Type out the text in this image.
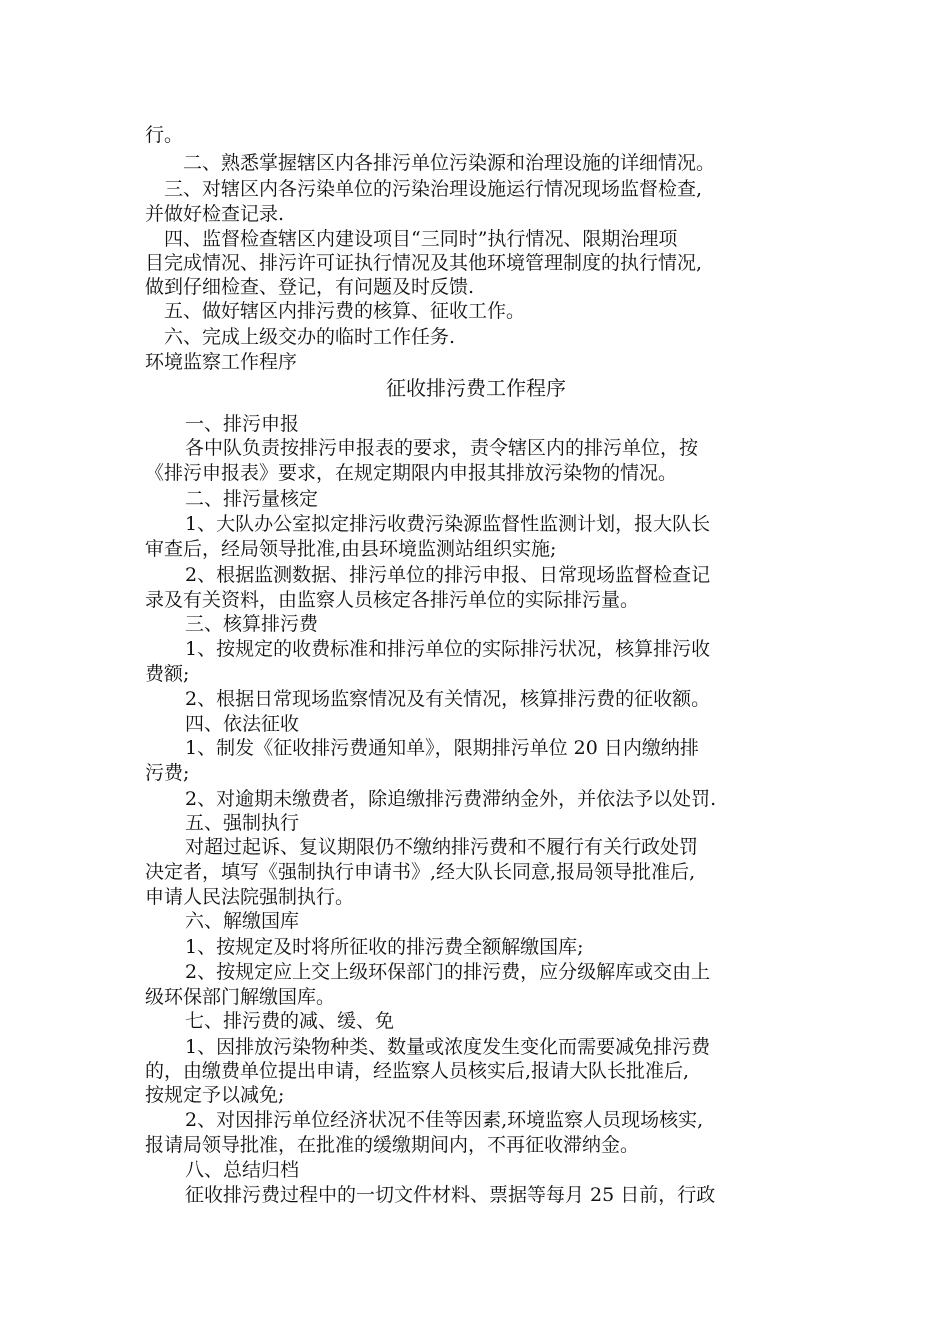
行。
二、熟悉掌握辖区内各排污单位污染源和治理设施的详细情况。
三、对辖区内各污染单位的污染治理设施运行情况现场监督检查,
并做好检查记录.
四、监督检查辖区内建设项目“三同时”执行情况、限期治理项
目完成情况、排污许可证执行情况及其他环境管理制度的执行情况,
做到仔细检查、登记，有问题及时反馈.
五、做好辖区内排污费的核算、征收工作。
六、完成上级交办的临时工作任务.
环境监察工作程序
征收排污费工作程序
一、排污申报
各中队负责按排污申报表的要求，责令辖区内的排污单位，按
《排污申报表》要求，在规定期限内申报其排放污染物的情况。
二、排污量核定
1、大队办公室拟定排污收费污染源监督性监测计划，报大队长
审查后，经局领导批准,由县环境监测站组织实施;
2、根据监测数据、排污单位的排污申报、日常现场监督检查记
录及有关资料，由监察人员核定各排污单位的实际排污量。
三、核算排污费
1、按规定的收费标准和排污单位的实际排污状况，核算排污收
费额;
2、根据日常现场监察情况及有关情况，核算排污费的征收额。
四、依法征收
1、制发《征收排污费通知单》，限期排污单位 20 日内缴纳排
污费;
2、对逾期未缴费者，除追缴排污费滞纳金外，并依法予以处罚.
五、强制执行
对超过起诉、复议期限仍不缴纳排污费和不履行有关行政处罚
决定者，填写《强制执行申请书》,经大队长同意,报局领导批准后,
申请人民法院强制执行。
六、解缴国库
1、按规定及时将所征收的排污费全额解缴国库;
2、按规定应上交上级环保部门的排污费，应分级解库或交由上
级环保部门解缴国库。
七、排污费的减、缓、免
1、因排放污染物种类、数量或浓度发生变化而需要减免排污费
的，由缴费单位提出申请，经监察人员核实后,报请大队长批准后,
按规定予以减免;
2、对因排污单位经济状况不佳等因素,环境监察人员现场核实,
报请局领导批准，在批准的缓缴期间内，不再征收滞纳金。
八、总结归档
征收排污费过程中的一切文件材料、票据等每月 25 日前，行政
